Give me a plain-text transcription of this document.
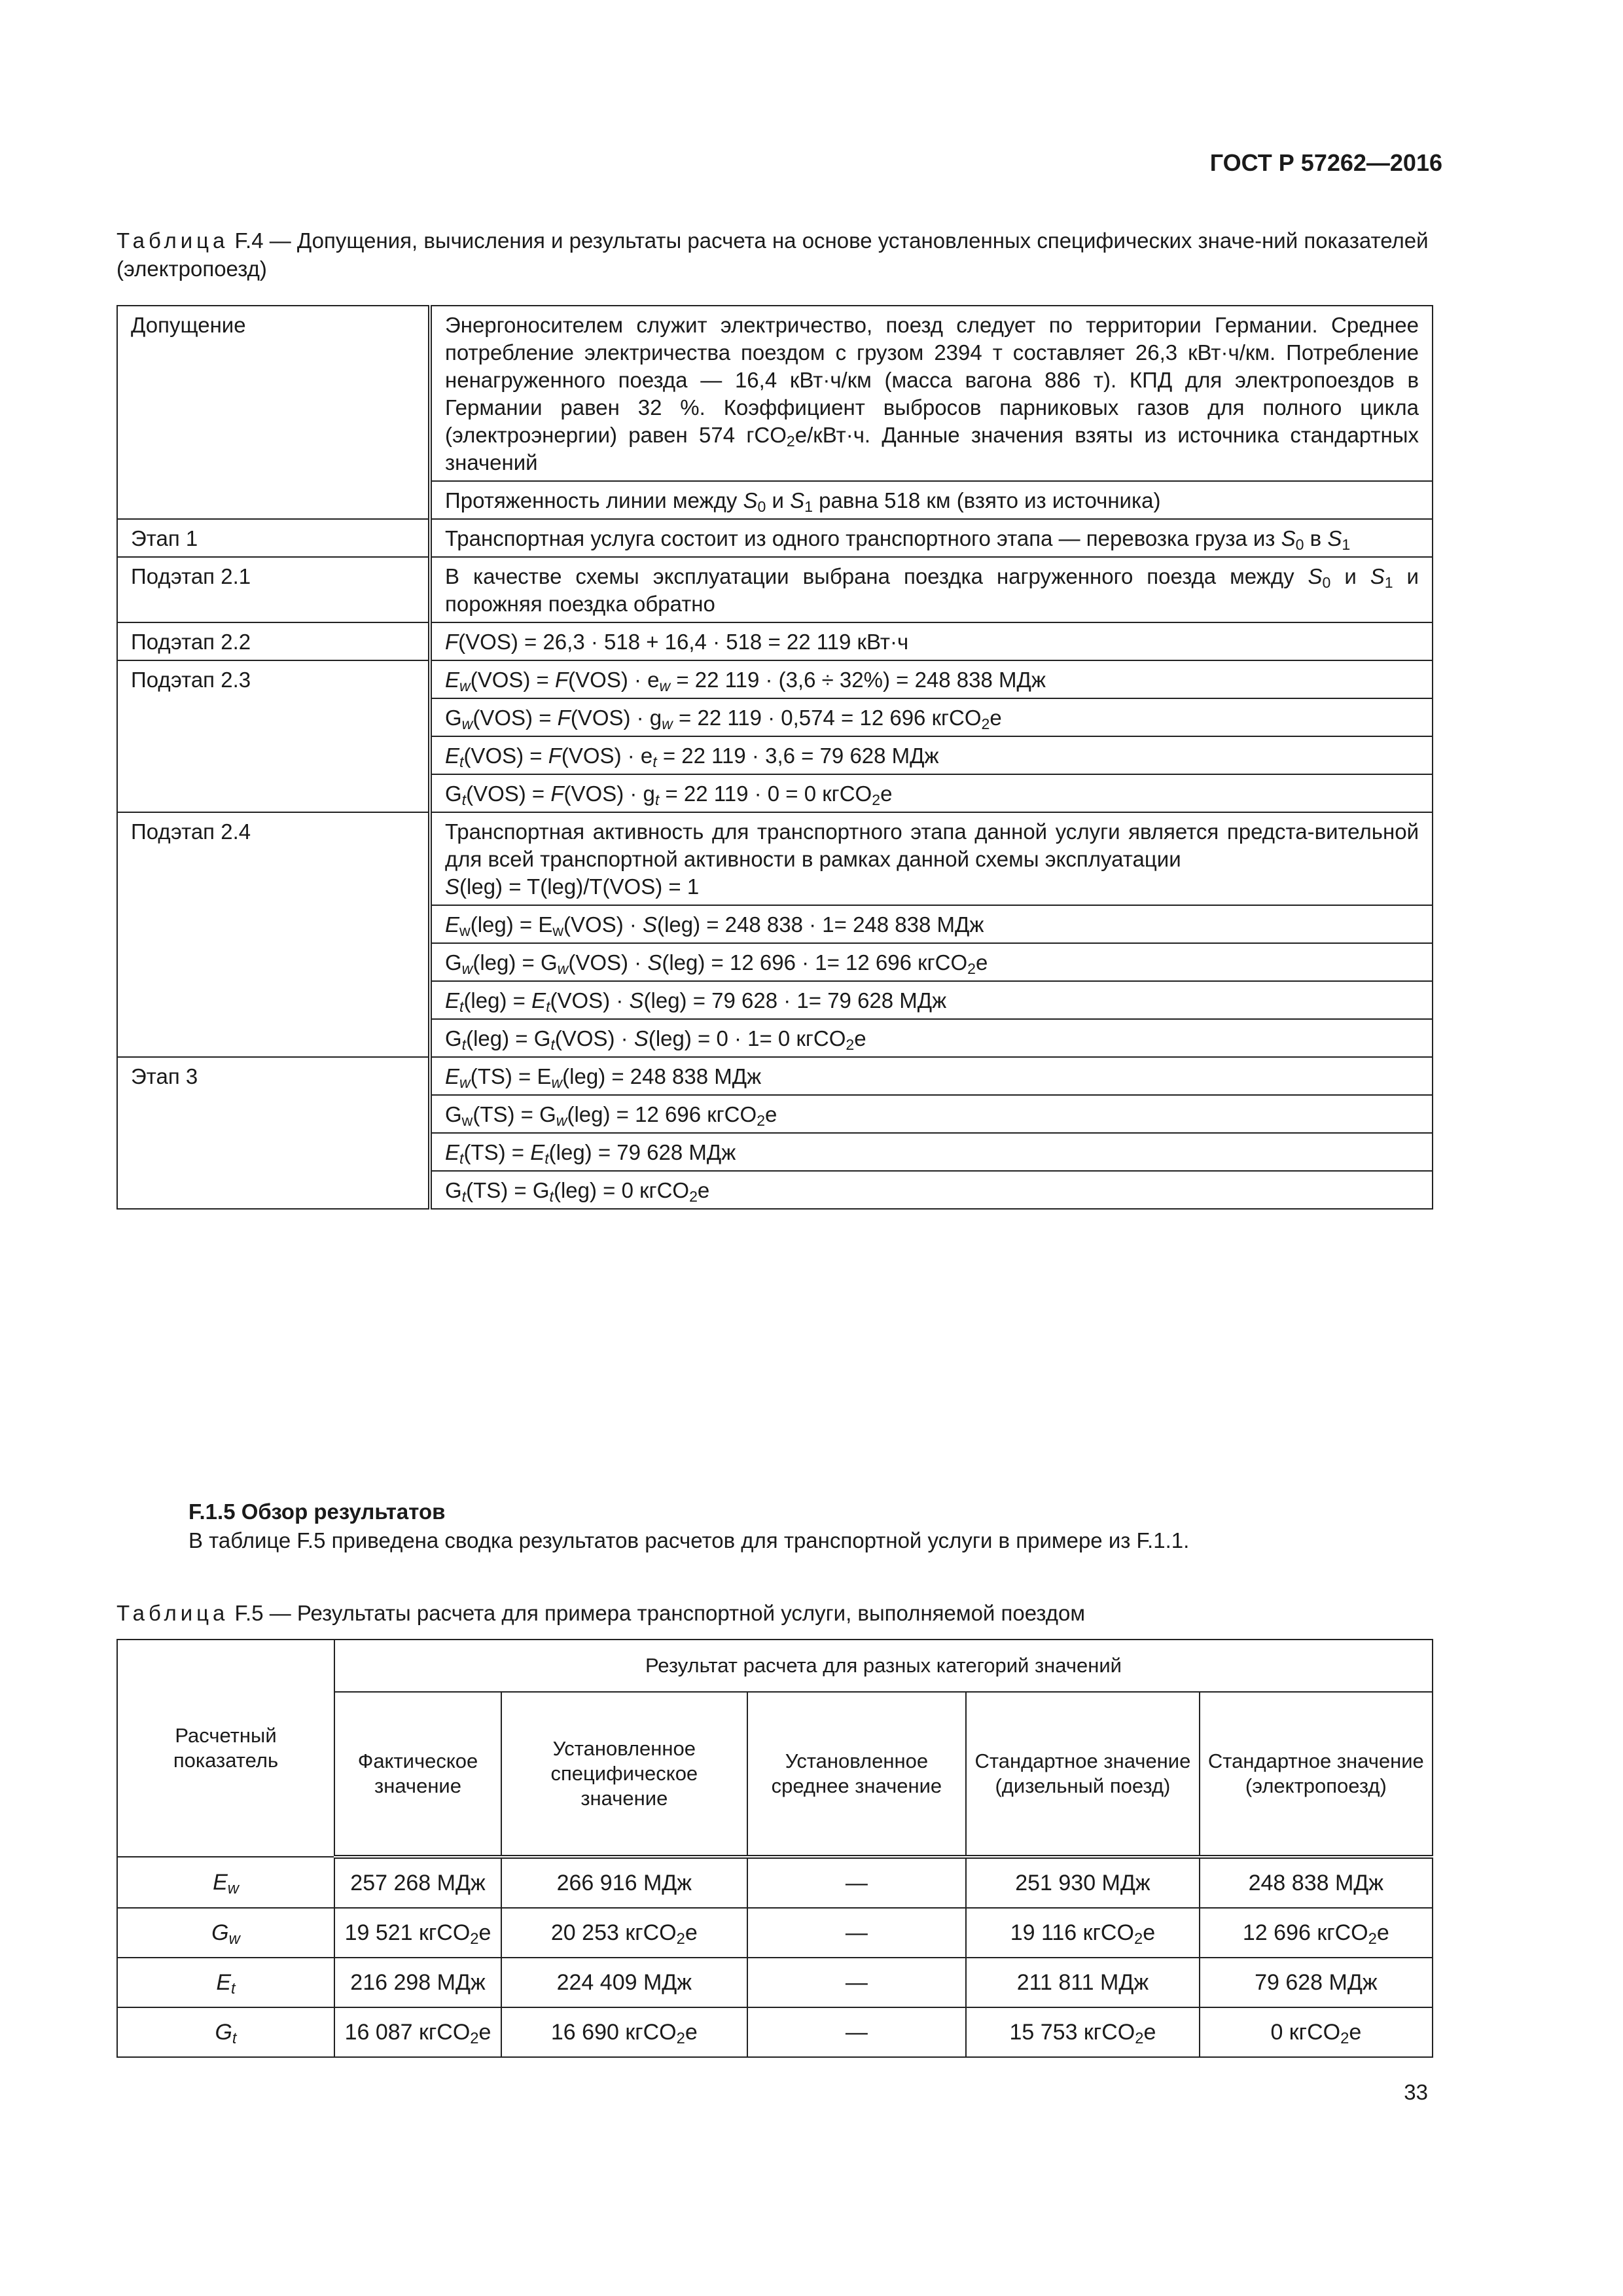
ГОСТ Р 57262—2016
Таблица F.4 — Допущения, вычисления и результаты расчета на основе установленных специфических значе-ний показателей (электропоезд)
Допущение	Энергоносителем служит электричество, поезд следует по территории Германии. Среднее потребление электричества поездом с грузом 2394 т составляет 26,3 кВт·ч/км. Потребление ненагруженного поезда — 16,4 кВт·ч/км (масса вагона 886 т). КПД для электропоездов в Германии равен 32 %. Коэффициент выбросов парниковых газов для полного цикла (электроэнергии) равен 574 гCO$_2$е/кВт·ч. Данные значения взяты из источника стандартных значений
	Протяженность линии между $S_0$ и $S_1$ равна 518 км (взято из источника)
Этап 1	Транспортная услуга состоит из одного транспортного этапа — перевозка груза из $S_0$ в $S_1$
Подэтап 2.1	В качестве схемы эксплуатации выбрана поездка нагруженного поезда между $S_0$ и $S_1$ и порожняя поездка обратно
Подэтап 2.2	F(VOS) = 26,3 · 518 + 16,4 · 518 = 22 119 кВт·ч
Подэтап 2.3	$E_w(VOS) = F(VOS) \cdot e_w = 22$ 119 · (3,6 ÷ 32%) = 248 838 МДж
	$G_w(VOS) = F(VOS) \cdot g_w = 22$ 119 · 0,574 = 12 696 кгCO$_2$e
	$E_t(VOS) = F(VOS) \cdot e_t = 22$ 119 · 3,6 = 79 628 МДж
	$G_t(VOS) = F(VOS) \cdot g_t = 22$ 119 · 0 = 0 кгCO$_2$e
Подэтап 2.4	Транспортная активность для транспортного этапа данной услуги является предста-вительной для всей транспортной активности в рамках данной схемы эксплуатации
S(leg) = T(leg)/T(VOS) = 1
	$E_w(leg) = E_w(VOS) \cdot S(leg) = 248$ 838 · 1= 248 838 МДж
	$G_w(leg) = G_w(VOS) \cdot S(leg) = 12$ 696 · 1= 12 696 кгCO$_2$e
	$E_t(leg) = E_t(VOS) \cdot S(leg) = 79$ 628 · 1= 79 628 МДж
	$G_t(leg) = G_t(VOS) \cdot S(leg) = 0 \cdot 1= 0$ кгCO$_2$e
Этап 3	$E_w(TS) = E_w(leg) = 248$ 838 МДж
	$G_w(TS) = G_w(leg) = 12$ 696 кгCO$_2$e
	$E_t(TS) = E_t(leg) = 79$ 628 МДж
	$G_t(TS) = G_t(leg) = 0$ кгCO$_2$e
F.1.5 Обзор результатов
В таблице F.5 приведена сводка результатов расчетов для транспортной услуги в примере из F.1.1.
Таблица F.5 — Результаты расчета для примера транспортной услуги, выполняемой поездом
Расчетный показатель	Результат расчета для разных категорий значений				
	Фактическое значение	Установленное специфическое значение	Установленное среднее значение	Стандартное значение (дизельный поезд)	Стандартное значение (электропоезд)
$E_w$	257 268 МДж	266 916 МДж	—	251 930 МДж	248 838 МДж
$G_w$	19 521 кгCO$_2$e	20 253 кгCO$_2$e	—	19 116 кгCO$_2$e	12 696 кгCO$_2$e
$E_t$	216 298 МДж	224 409 МДж	—	211 811 МДж	79 628 МДж
$G_t$	16 087 кгCO$_2$e	16 690 кгCO$_2$e	—	15 753 кгCO$_2$e	0 кгCO$_2$e
33
